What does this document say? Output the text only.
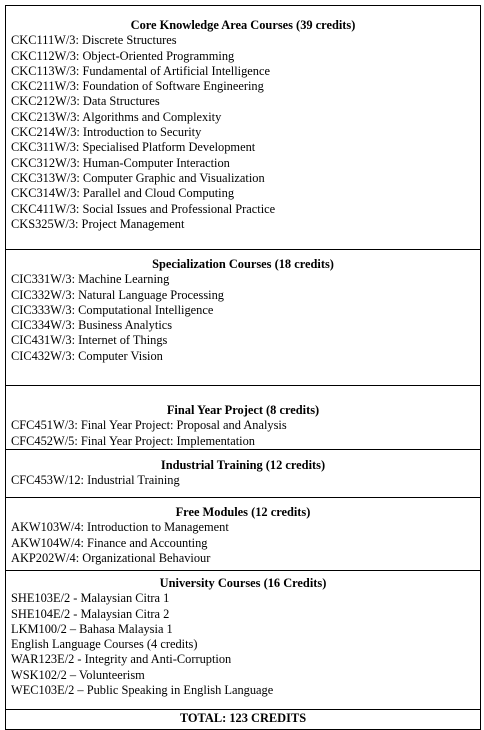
Core Knowledge Area Courses (39 credits)
CKC111W/3: Discrete Structures
CKC112W/3: Object-Oriented Programming
CKC113W/3: Fundamental of Artificial Intelligence
CKC211W/3: Foundation of Software Engineering
CKC212W/3: Data Structures
CKC213W/3: Algorithms and Complexity
CKC214W/3: Introduction to Security
CKC311W/3: Specialised Platform Development
CKC312W/3: Human-Computer Interaction
CKC313W/3: Computer Graphic and Visualization
CKC314W/3: Parallel and Cloud Computing
CKC411W/3: Social Issues and Professional Practice
CKS325W/3: Project Management
Specialization Courses (18 credits)
CIC331W/3: Machine Learning
CIC332W/3: Natural Language Processing
CIC333W/3: Computational Intelligence
CIC334W/3: Business Analytics
CIC431W/3: Internet of Things
CIC432W/3: Computer Vision
Final Year Project (8 credits)
CFC451W/3: Final Year Project: Proposal and Analysis
CFC452W/5: Final Year Project: Implementation
Industrial Training (12 credits)
CFC453W/12: Industrial Training
Free Modules (12 credits)
AKW103W/4: Introduction to Management
AKW104W/4: Finance and Accounting
AKP202W/4: Organizational Behaviour
University Courses (16 Credits)
SHE103E/2 - Malaysian Citra 1
SHE104E/2 - Malaysian Citra 2
LKM100/2 – Bahasa Malaysia 1
English Language Courses (4 credits)
WAR123E/2 - Integrity and Anti-Corruption
WSK102/2 – Volunteerism
WEC103E/2 – Public Speaking in English Language
TOTAL: 123 CREDITS
